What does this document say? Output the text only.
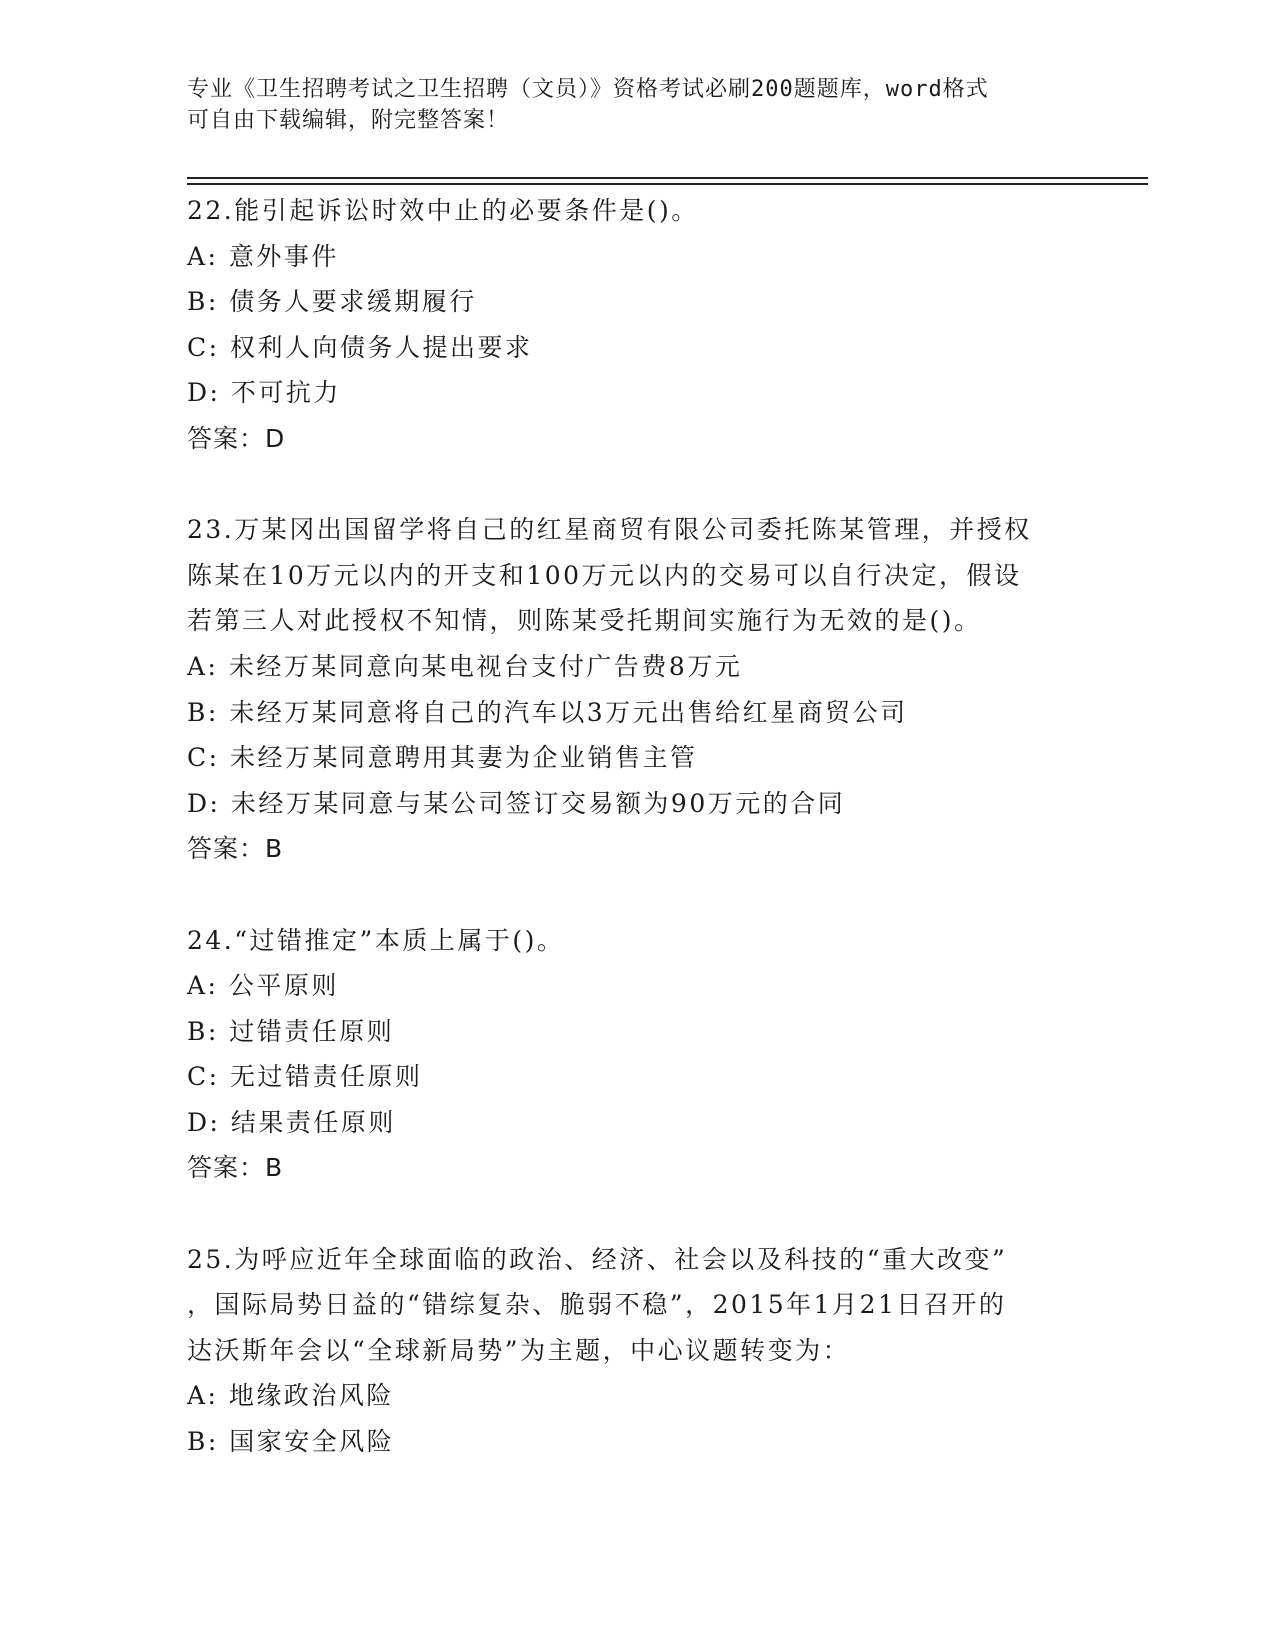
专业《卫生招聘考试之卫生招聘（文员）》资格考试必刷200题题库，word格式
可自由下载编辑，附完整答案！
22.能引起诉讼时效中止的必要条件是()。
A: 意外事件
B: 债务人要求缓期履行
C: 权利人向债务人提出要求
D: 不可抗力
答案：D
23.万某冈出国留学将自己的红星商贸有限公司委托陈某管理，并授权
陈某在10万元以内的开支和100万元以内的交易可以自行决定，假设
若第三人对此授权不知情，则陈某受托期间实施行为无效的是()。
A: 未经万某同意向某电视台支付广告费8万元
B: 未经万某同意将自己的汽车以3万元出售给红星商贸公司
C: 未经万某同意聘用其妻为企业销售主管
D: 未经万某同意与某公司签订交易额为90万元的合同
答案：B
24.“过错推定”本质上属于()。
A: 公平原则
B: 过错责任原则
C: 无过错责任原则
D: 结果责任原则
答案：B
25.为呼应近年全球面临的政治、经济、社会以及科技的“重大改变”
，国际局势日益的“错综复杂、脆弱不稳”，2015年1月21日召开的
达沃斯年会以“全球新局势”为主题，中心议题转变为：
A: 地缘政治风险
B: 国家安全风险
